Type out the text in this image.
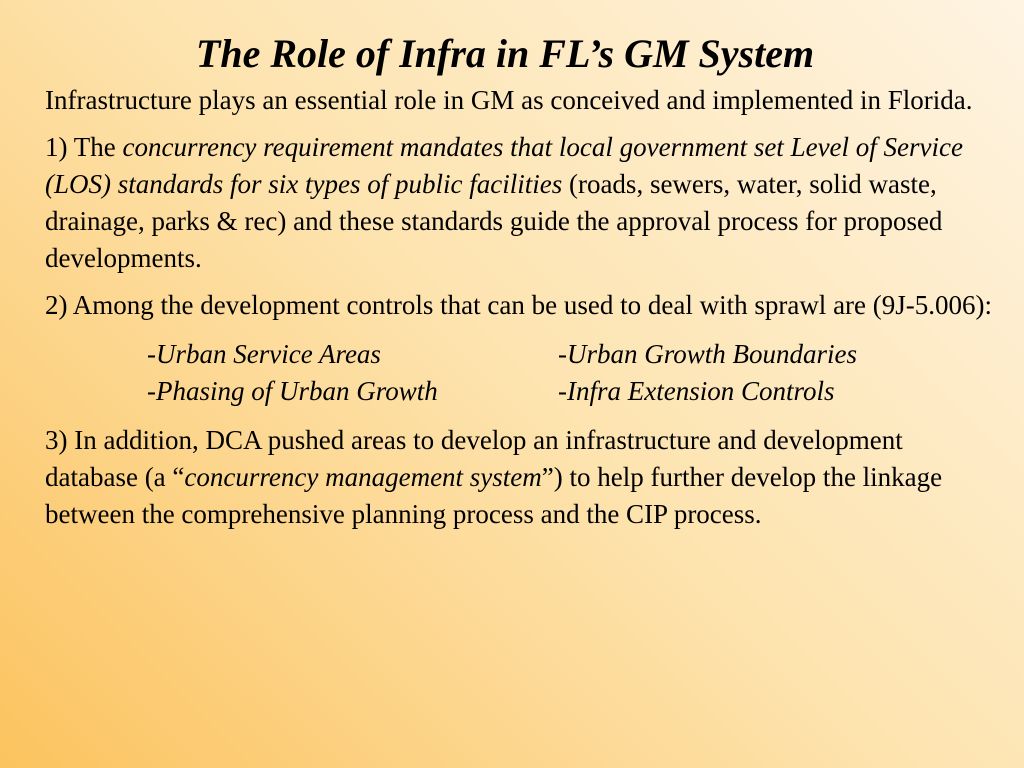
The Role of Infra in FL’s GM System

Infrastructure plays an essential role in GM as conceived and implemented in Florida.

1) The concurrency requirement mandates that local government set Level of Service (LOS) standards for six types of public facilities (roads, sewers, water, solid waste, drainage, parks & rec) and these standards guide the approval process for proposed developments.

2) Among the development controls that can be used to deal with sprawl are (9J-5.006):

-Urban Service Areas	-Urban Growth Boundaries
-Phasing of Urban Growth	-Infra Extension Controls

3) In addition, DCA pushed areas to develop an infrastructure and development database (a “concurrency management system”) to help further develop the linkage between the comprehensive planning process and the CIP process.
